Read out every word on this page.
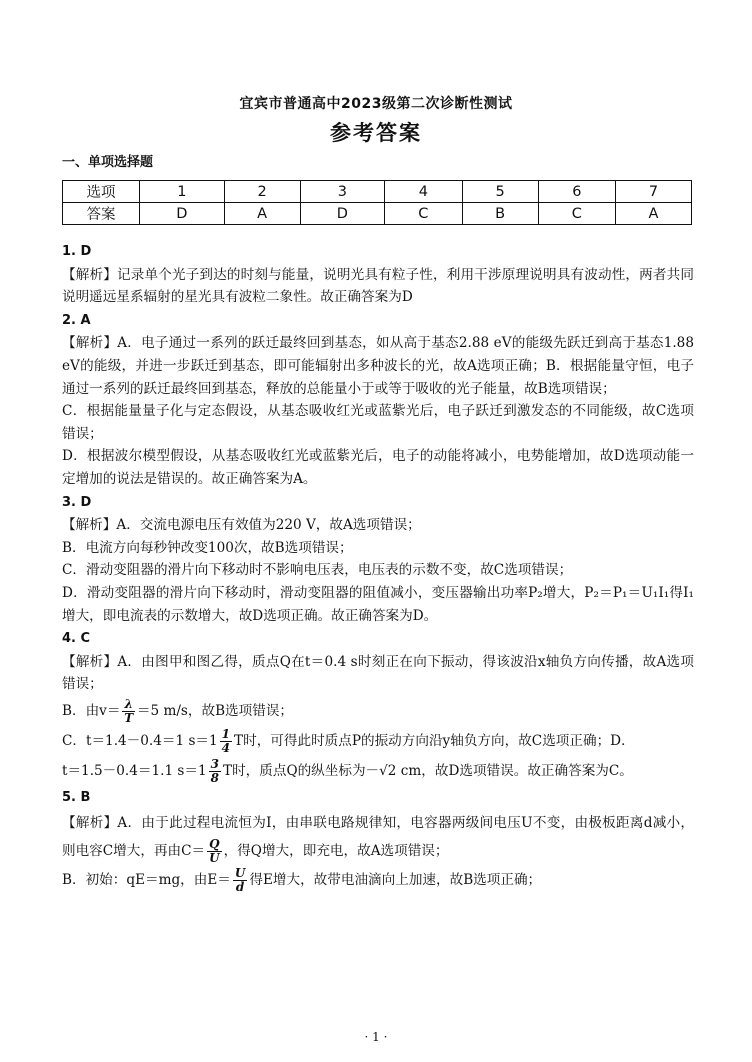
宜宾市普通高中2023级第二次诊断性测试
参考答案
一、单项选择题
选项	1	2	3	4	5	6	7
答案	D	A	D	C	B	C	A
1. D
【解析】记录单个光子到达的时刻与能量，说明光具有粒子性，利用干涉原理说明具有波动性，两者共同说明遥远星系辐射的星光具有波粒二象性。故正确答案为D
2. A
【解析】A．电子通过一系列的跃迁最终回到基态，如从高于基态2.88 eV的能级先跃迁到高于基态1.88 eV的能级，并进一步跃迁到基态，即可能辐射出多种波长的光，故A选项正确；B．根据能量守恒，电子通过一系列的跃迁最终回到基态，释放的总能量小于或等于吸收的光子能量，故B选项错误；
C．根据能量量子化与定态假设，从基态吸收红光或蓝紫光后，电子跃迁到激发态的不同能级，故C选项错误；
D．根据波尔模型假设，从基态吸收红光或蓝紫光后，电子的动能将减小，电势能增加，故D选项动能一定增加的说法是错误的。故正确答案为A。
3. D
【解析】A．交流电源电压有效值为220 V，故A选项错误；
B．电流方向每秒钟改变100次，故B选项错误；
C．滑动变阻器的滑片向下移动时不影响电压表，电压表的示数不变，故C选项错误；
D．滑动变阻器的滑片向下移动时，滑动变阻器的阻值减小，变压器输出功率P₂增大，P₂＝P₁＝U₁I₁得I₁增大，即电流表的示数增大，故D选项正确。故正确答案为D。
4. C
【解析】A．由图甲和图乙得，质点Q在t＝0.4 s时刻正在向下振动，得该波沿x轴负方向传播，故A选项错误；
B．由$v= \frac{\lambda}{T} =5$ m/s，故B选项错误；
C．t＝1.4－0.4＝1 $s=1 \frac{1}{4}$ T时，可得此时质点P的振动方向沿y轴负方向，故C选项正确；D．
t＝1.5－0.4＝1.1 $s=1 \frac{3}{8}$ T时，质点Q的纵坐标为－√2 cm，故D选项错误。故正确答案为C。
5. B
【解析】A．由于此过程电流恒为I，由串联电路规律知，电容器两级间电压U不变，由极板距离d减小，则电容C增大，再由$C= \frac{Q}{U}$ ，得Q增大，即充电，故A选项错误；
B．初始：qE＝mg，由$E= \frac{U}{d}$ 得E增大，故带电油滴向上加速，故B选项正确；
· 1 ·
